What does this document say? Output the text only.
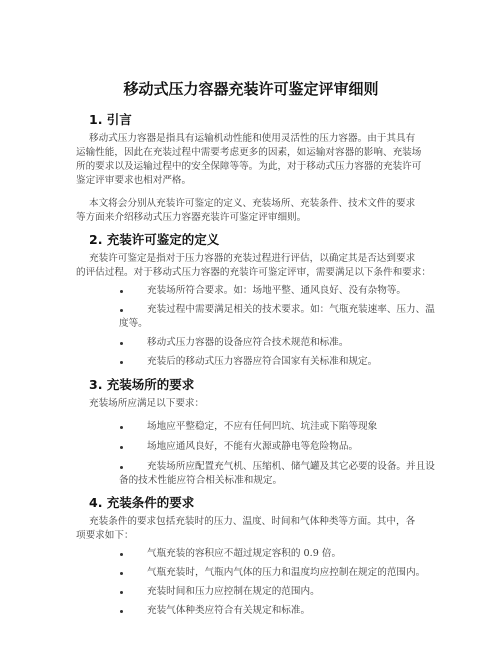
移动式压力容器充装许可鉴定评审细则
1. 引言
移动式压力容器是指具有运输机动性能和使用灵活性的压力容器。由于其具有
运输性能，因此在充装过程中需要考虑更多的因素，如运输对容器的影响、充装场
所的要求以及运输过程中的安全保障等等。为此，对于移动式压力容器的充装许可
鉴定评审要求也相对严格。
本文将会分别从充装许可鉴定的定义、充装场所、充装条件、技术文件的要求
等方面来介绍移动式压力容器充装许可鉴定评审细则。
2. 充装许可鉴定的定义
充装许可鉴定是指对于压力容器的充装过程进行评估，以确定其是否达到要求
的评估过程。对于移动式压力容器的充装许可鉴定评审，需要满足以下条件和要求：
充装场所符合要求。如：场地平整、通风良好、没有杂物等。
充装过程中需要满足相关的技术要求。如：气瓶充装速率、压力、温
度等。
移动式压力容器的设备应符合技术规范和标准。
充装后的移动式压力容器应符合国家有关标准和规定。
3. 充装场所的要求
充装场所应满足以下要求：
场地应平整稳定，不应有任何凹坑、坑洼或下陷等现象
场地应通风良好，不能有火源或静电等危险物品。
充装场所应配置充气机、压缩机、储气罐及其它必要的设备。并且设
备的技术性能应符合相关标准和规定。
4. 充装条件的要求
充装条件的要求包括充装时的压力、温度、时间和气体种类等方面。其中，各
项要求如下：
气瓶充装的容积应不超过规定容积的 0.9 倍。
气瓶充装时，气瓶内气体的压力和温度均应控制在规定的范围内。
充装时间和压力应控制在规定的范围内。
充装气体种类应符合有关规定和标准。
